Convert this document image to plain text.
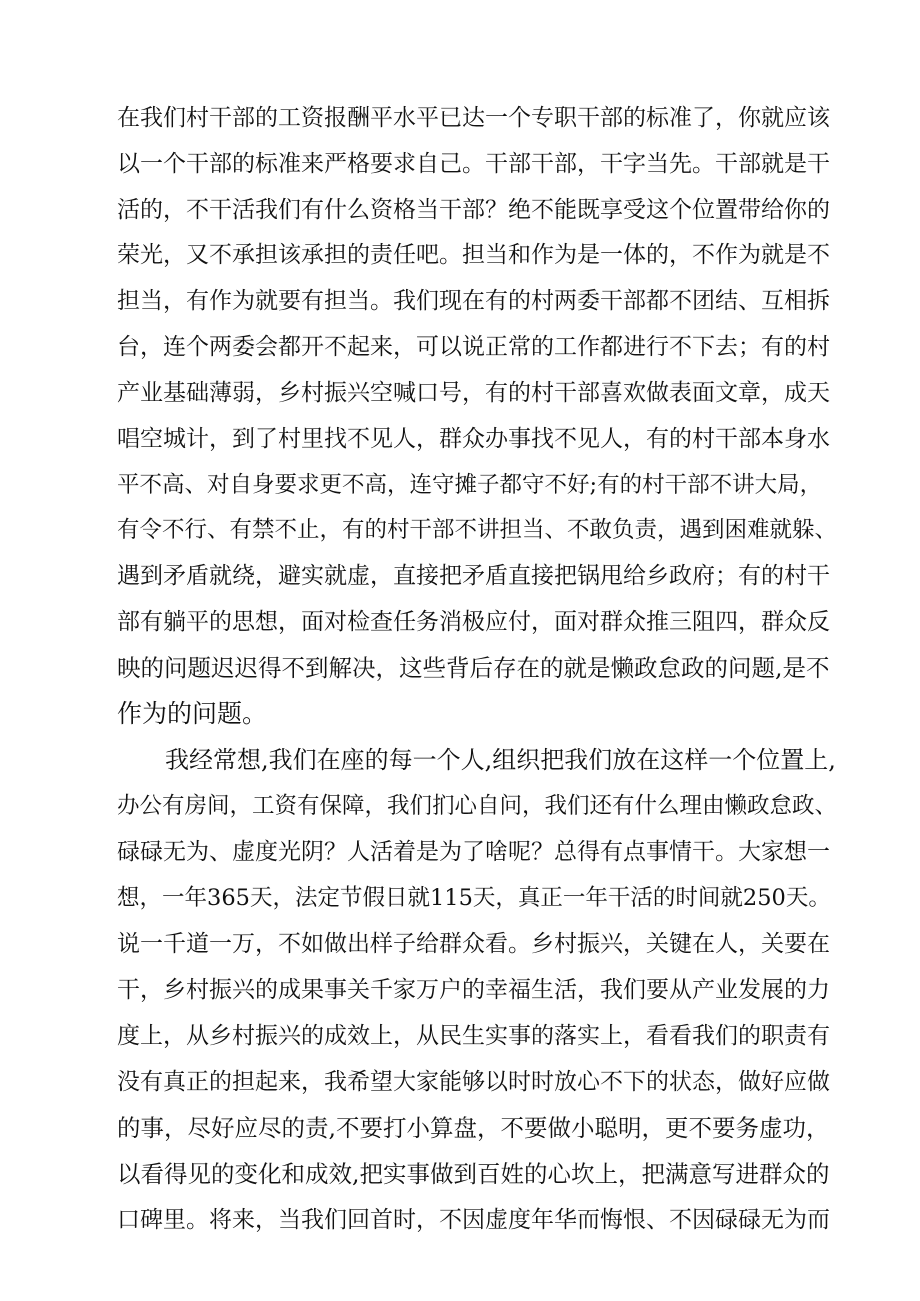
在我们村干部的工资报酬平水平已达一个专职干部的标准了，你就应该
以一个干部的标准来严格要求自己。干部干部，干字当先。干部就是干
活的，不干活我们有什么资格当干部？绝不能既享受这个位置带给你的
荣光，又不承担该承担的责任吧。担当和作为是一体的，不作为就是不
担当，有作为就要有担当。我们现在有的村两委干部都不团结、互相拆
台，连个两委会都开不起来，可以说正常的工作都进行不下去；有的村
产业基础薄弱，乡村振兴空喊口号，有的村干部喜欢做表面文章，成天
唱空城计，到了村里找不见人，群众办事找不见人，有的村干部本身水
平不高、对自身要求更不高，连守摊子都守不好;有的村干部不讲大局，
有令不行、有禁不止，有的村干部不讲担当、不敢负责，遇到困难就躲、
遇到矛盾就绕，避实就虚，直接把矛盾直接把锅甩给乡政府；有的村干
部有躺平的思想，面对检查任务消极应付，面对群众推三阻四，群众反
映的问题迟迟得不到解决，这些背后存在的就是懒政怠政的问题,是不
作为的问题。
我经常想,我们在座的每一个人,组织把我们放在这样一个位置上,
办公有房间，工资有保障，我们扪心自问，我们还有什么理由懒政怠政、
碌碌无为、虚度光阴？人活着是为了啥呢？总得有点事情干。大家想一
想，一年365天，法定节假日就115天，真正一年干活的时间就250天。
说一千道一万，不如做出样子给群众看。乡村振兴，关键在人，关要在
干，乡村振兴的成果事关千家万户的幸福生活，我们要从产业发展的力
度上，从乡村振兴的成效上，从民生实事的落实上，看看我们的职责有
没有真正的担起来，我希望大家能够以时时放心不下的状态，做好应做
的事，尽好应尽的责,不要打小算盘，不要做小聪明，更不要务虚功，
以看得见的变化和成效,把实事做到百姓的心坎上，把满意写进群众的
口碑里。将来，当我们回首时，不因虚度年华而悔恨、不因碌碌无为而
